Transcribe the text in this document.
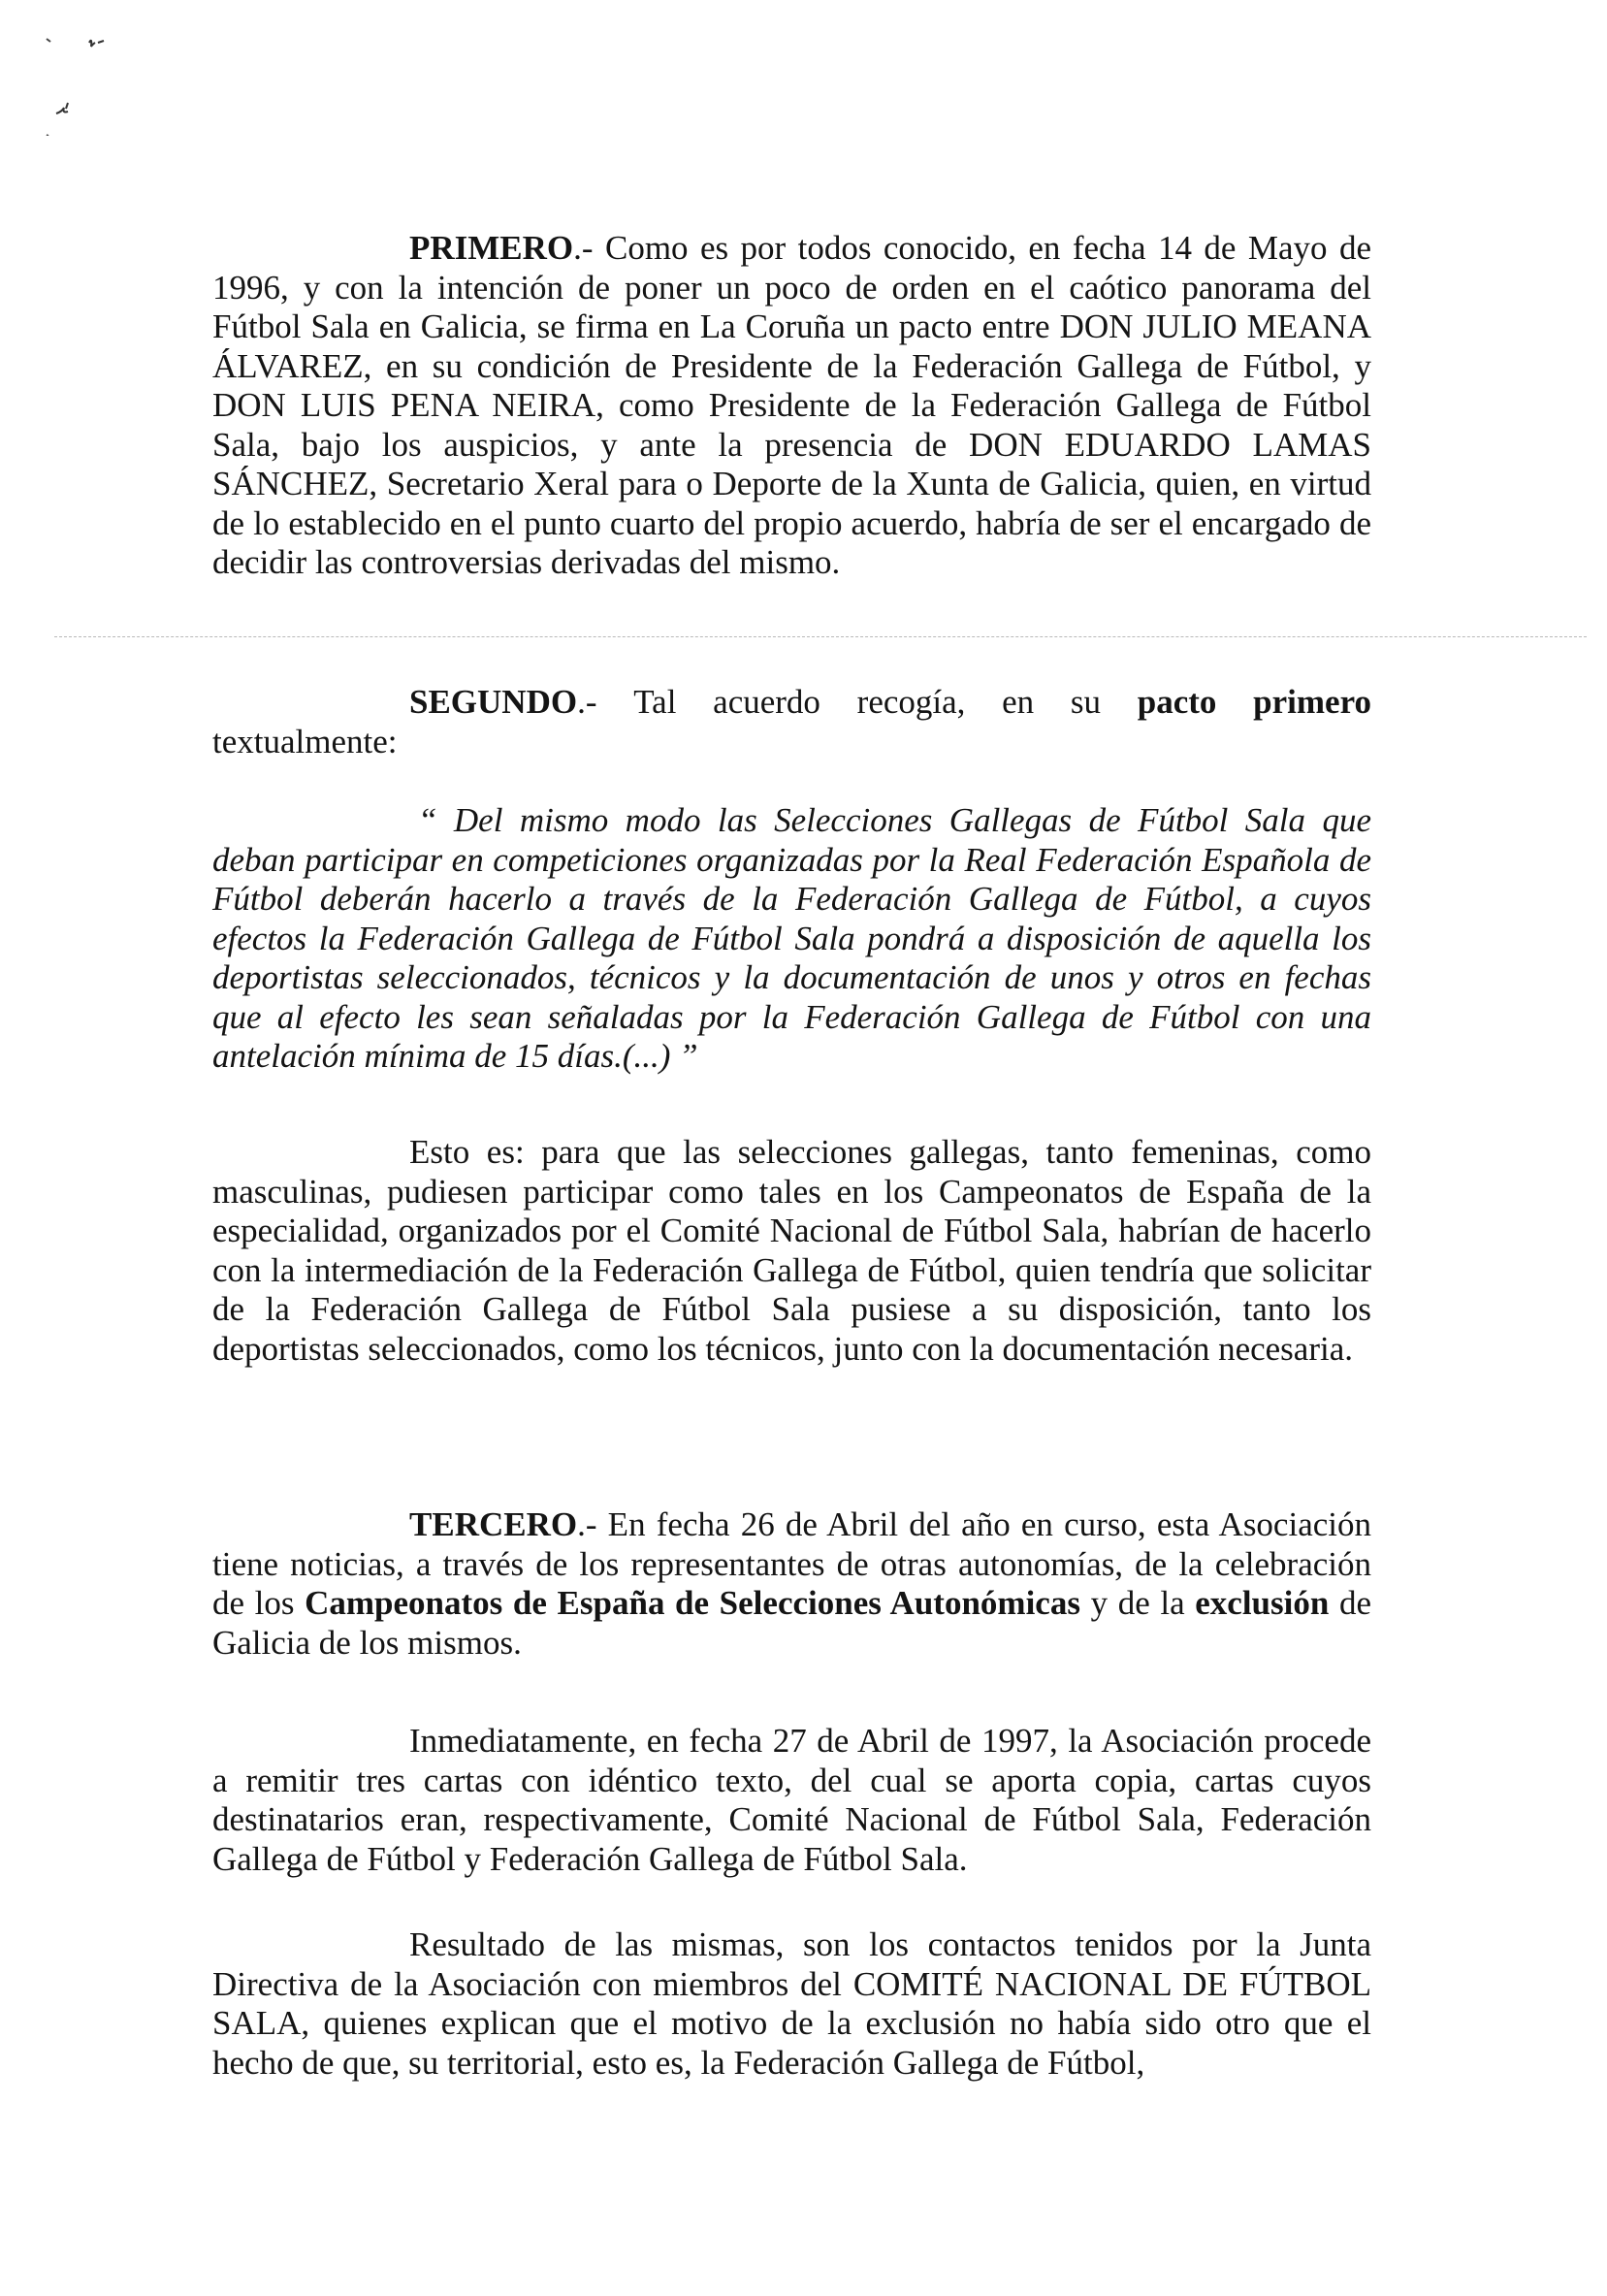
PRIMERO.- Como es por todos conocido, en fecha 14 de Mayo de 1996, y con la intención de poner un poco de orden en el caótico panorama del Fútbol Sala en Galicia, se firma en La Coruña un pacto entre DON JULIO MEANA ÁLVAREZ, en su condición de Presidente de la Federación Gallega de Fútbol, y DON LUIS PENA NEIRA, como Presidente de la Federación Gallega de Fútbol Sala, bajo los auspicios, y ante la presencia de DON EDUARDO LAMAS SÁNCHEZ, Secretario Xeral para o Deporte de la Xunta de Galicia, quien, en virtud de lo establecido en el punto cuarto del propio acuerdo, habría de ser el encargado de decidir las controversias derivadas del mismo.

SEGUNDO.- Tal acuerdo recogía, en su pacto primero
textualmente:

“ Del mismo modo las Selecciones Gallegas de Fútbol Sala que deban participar en competiciones organizadas por la Real Federación Española de Fútbol deberán hacerlo a través de la Federación Gallega de Fútbol, a cuyos efectos la Federación Gallega de Fútbol Sala pondrá a disposición de aquella los deportistas seleccionados, técnicos y la documentación de unos y otros en fechas que al efecto les sean señaladas por la Federación Gallega de Fútbol con una antelación mínima de 15 días.(...) ”

Esto es: para que las selecciones gallegas, tanto femeninas, como masculinas, pudiesen participar como tales en los Campeonatos de España de la especialidad, organizados por el Comité Nacional de Fútbol Sala, habrían de hacerlo con la intermediación de la Federación Gallega de Fútbol, quien tendría que solicitar de la Federación Gallega de Fútbol Sala pusiese a su disposición, tanto los deportistas seleccionados, como los técnicos, junto con la documentación necesaria.

TERCERO.- En fecha 26 de Abril del año en curso, esta Asociación tiene noticias, a través de los representantes de otras autonomías, de la celebración de los Campeonatos de España de Selecciones Autonómicas y de la exclusión de Galicia de los mismos.

Inmediatamente, en fecha 27 de Abril de 1997, la Asociación procede a remitir tres cartas con idéntico texto, del cual se aporta copia, cartas cuyos destinatarios eran, respectivamente, Comité Nacional de Fútbol Sala, Federación Gallega de Fútbol y Federación Gallega de Fútbol Sala.

Resultado de las mismas, son los contactos tenidos por la Junta Directiva de la Asociación con miembros del COMITÉ NACIONAL DE FÚTBOL SALA, quienes explican que el motivo de la exclusión no había sido otro que el hecho de que, su territorial, esto es, la Federación Gallega de Fútbol,
